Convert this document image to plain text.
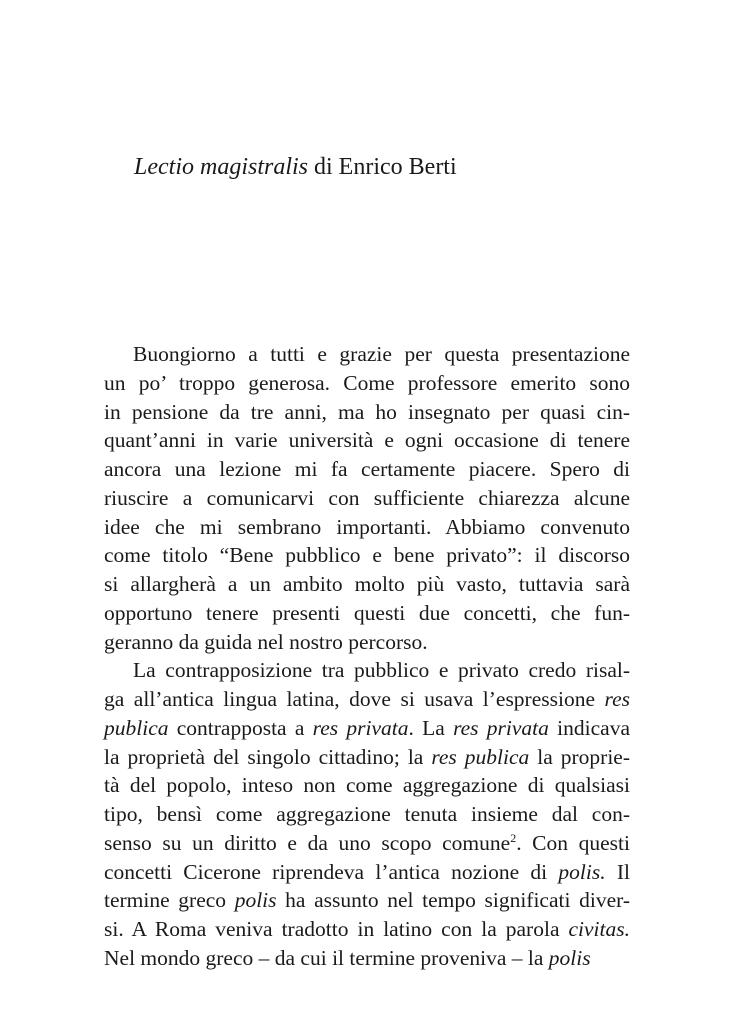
Lectio magistralis di Enrico Berti
Buongiorno a tutti e grazie per questa presentazione
un po’ troppo generosa. Come professore emerito sono
in pensione da tre anni, ma ho insegnato per quasi cin-
quant’anni in varie università e ogni occasione di tenere
ancora una lezione mi fa certamente piacere. Spero di
riuscire a comunicarvi con sufficiente chiarezza alcune
idee che mi sembrano importanti. Abbiamo convenuto
come titolo “Bene pubblico e bene privato”: il discorso
si allargherà a un ambito molto più vasto, tuttavia sarà
opportuno tenere presenti questi due concetti, che fun-
geranno da guida nel nostro percorso.
La contrapposizione tra pubblico e privato credo risal-
ga all’antica lingua latina, dove si usava l’espressione res
publica contrapposta a res privata. La res privata indicava
la proprietà del singolo cittadino; la res publica la proprie-
tà del popolo, inteso non come aggregazione di qualsiasi
tipo, bensì come aggregazione tenuta insieme dal con-
senso su un diritto e da uno scopo comune$^2$. Con questi
concetti Cicerone riprendeva l’antica nozione di polis. Il
termine greco polis ha assunto nel tempo significati diver-
si. A Roma veniva tradotto in latino con la parola civitas.
Nel mondo greco – da cui il termine proveniva – la polis
